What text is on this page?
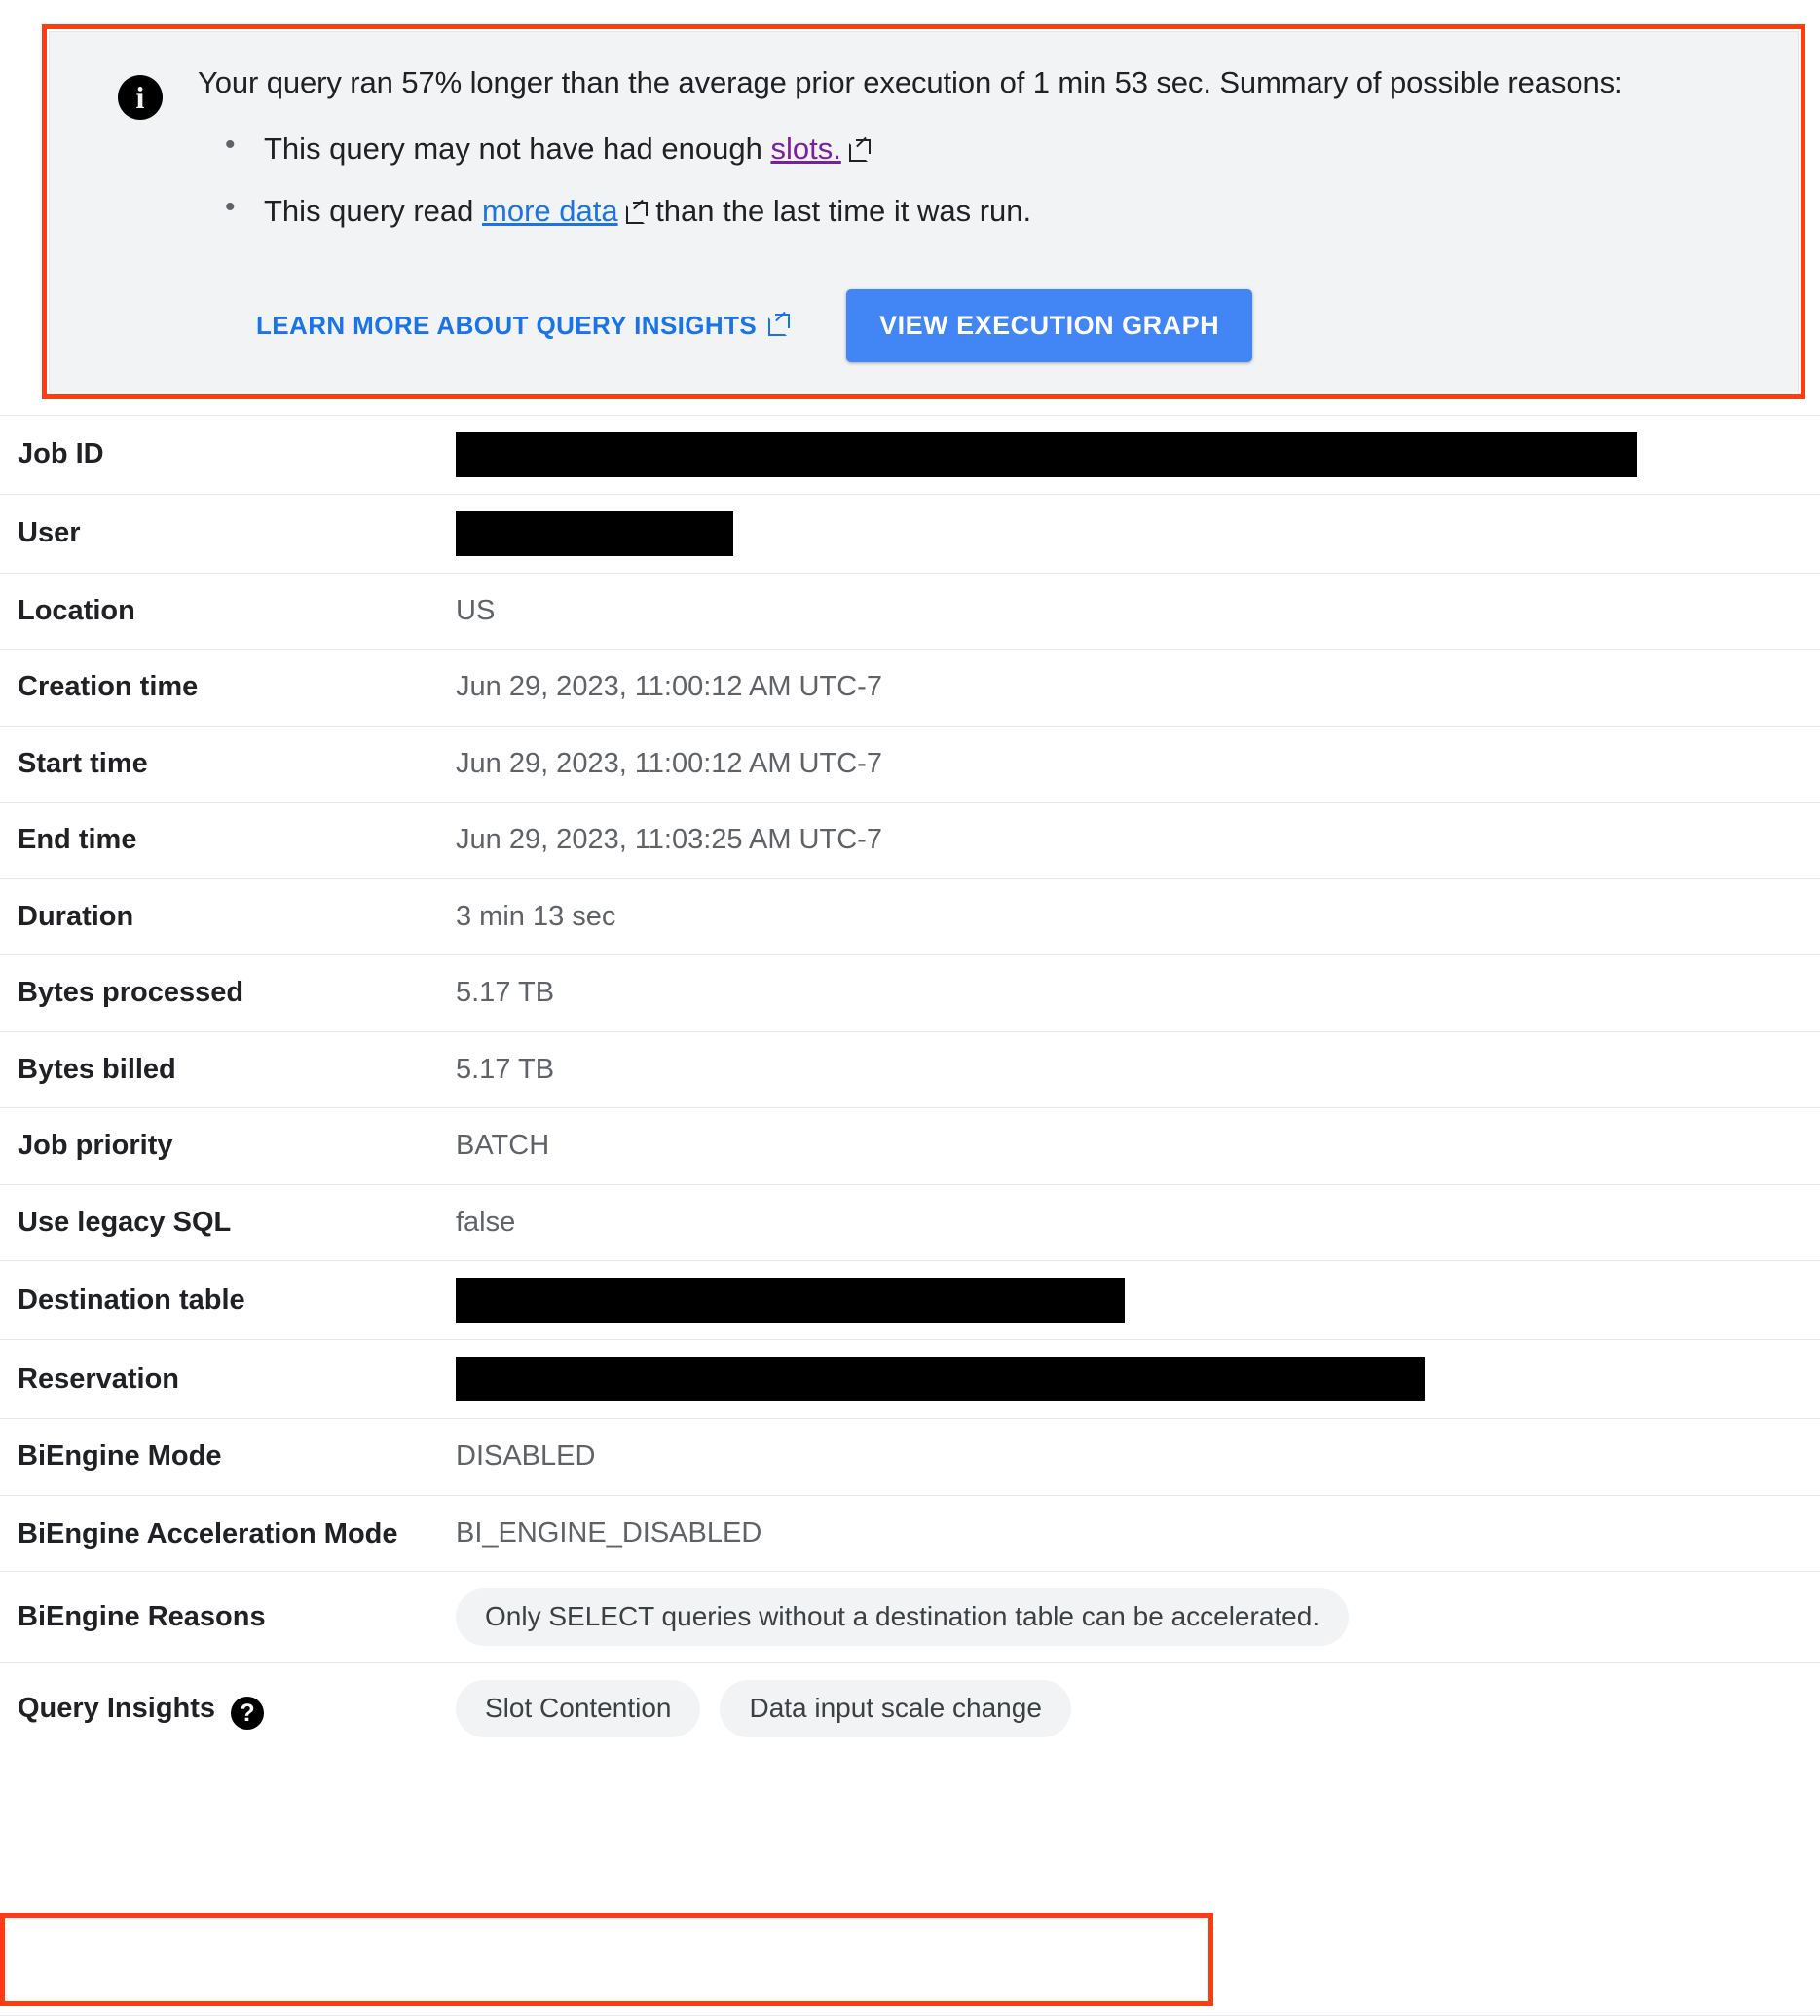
i	Your query ran 57% longer than the average prior execution of 1 min 53 sec. Summary of possible reasons:
• This query may not have had enough slots.
• This query read more data
than the last time it was run.
LEARN MORE ABOUT QUERY INSIGHTS	VIEW EXECUTION GRAPH
Job ID	
User	
Location	US
Creation time	Jun 29, 2023, 11:00:12 AM UTC-7
Start time	Jun 29, 2023, 11:00:12 AM UTC-7
End time	Jun 29, 2023, 11:03:25 AM UTC-7
Duration	3 min 13 sec
Bytes processed	5.17 TB
Bytes billed	5.17 TB
Job priority	BATCH
Use legacy SQL	false
Destination table	
Reservation	
BiEngine Mode	DISABLED
BiEngine Acceleration Mode	BI_ENGINE_DISABLED
BiEngine Reasons	Only SELECT queries without a destination table can be accelerated.
Query Insights ?	Slot Contention Data input scale change
